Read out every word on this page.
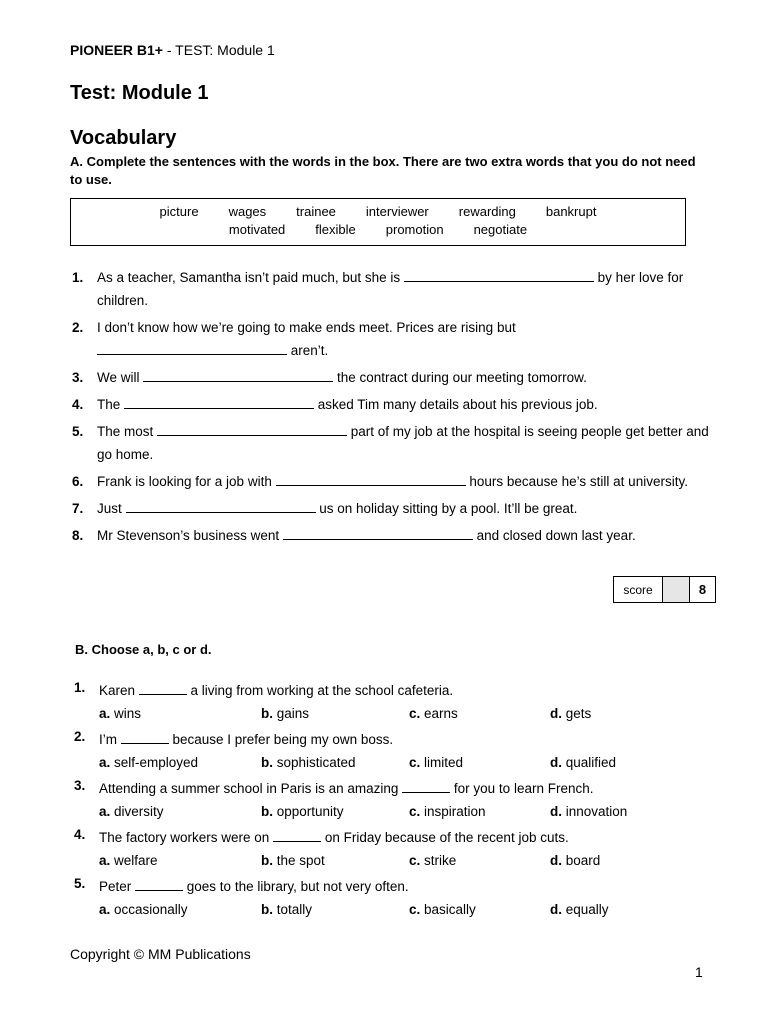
PIONEER B1+ - TEST: Module 1
Test: Module 1
Vocabulary

A. Complete the sentences with the words in the box. There are two extra words that you do not need to use.

picture wages trainee interviewer rewarding bankrupt
motivated flexible promotion negotiate
1. As a teacher, Samantha isn’t paid much, but she is	by her love for children.
2. I don’t know how we’re going to make ends meet. Prices are rising but
aren’t.
3. We will	the contract during our meeting tomorrow.
4. The	asked Tim many details about his previous job.
5. The most	part of my job at the hospital is seeing people get better and go home.
6. Frank is looking for a job with	hours because he’s still at university.
7. Just	us on holiday sitting by a pool. It’ll be great.
8. Mr Stevenson’s business went	and closed down last year.
score	8

B. Choose a, b, c or d.

1. Karen	a living from working at the school cafeteria.
a. wins	b. gains	c. earns	d. gets
2. I’m	because I prefer being my own boss.
a. self-employed	b. sophisticated	c. limited	d. qualified
3. Attending a summer school in Paris is an amazing	for you to learn French.
a. diversity	b. opportunity	c. inspiration	d. innovation
4. The factory workers were on	on Friday because of the recent job cuts.
a. welfare	b. the spot	c. strike	d. board
5. Peter	goes to the library, but not very often.
a. occasionally	b. totally	c. basically	d. equally
Copyright © MM Publications
1
